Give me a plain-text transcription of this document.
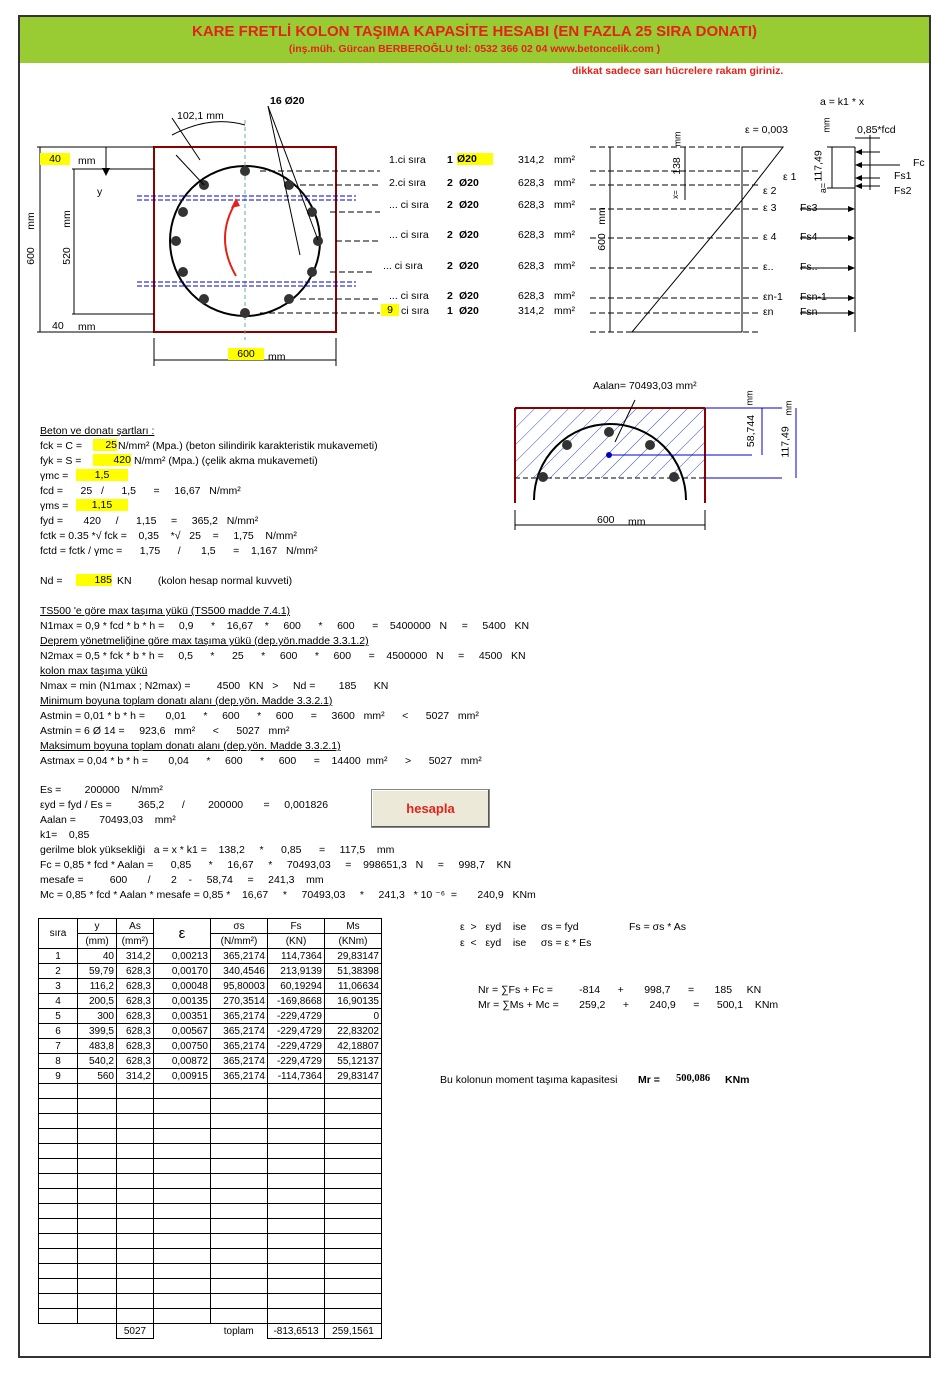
KARE FRETLİ KOLON TAŞIMA KAPASİTE HESABI (EN FAZLA 25 SIRA DONATI)
(inş.müh. Gürcan BERBEROĞLU tel: 0532 366 02 04 www.betoncelik.com )
dikkat sadece sarı hücrelere rakam giriniz.
16 Ø20
102,1 mm
40	mm
y
600
mm
520
mm
40 mm
600	mm
1.ci sıra 1 Ø20	314,2 mm²
2.ci sıra 2 Ø20	628,3 mm²
... ci sıra 2 Ø20	628,3 mm²
... ci sıra 2 Ø20	628,3 mm²
... ci sıra 2 Ø20	628,3 mm²
... ci sıra 2 Ø20	628,3 mm²
9 ci sıra 1 Ø20	314,2 mm²
ε = 0,003
138
mm
x=
600
mm
ε 1
ε 2
ε 3
ε 4
ε..
εn-1
εn
Fs3
Fs4
Fs..
Fsn-1
Fsn
a = k1 * x
0,85*fcd
117,49
mm
a=
Fc
Fs1
Fs2
Aalan= 70493,03 mm²
58,744
mm
117,49
mm
600 mm
Beton ve donatı şartları :
fck = C =	25 N/mm² (Mpa.) (beton silindirik karakteristik mukavemeti)
fyk = S =	420 N/mm² (Mpa.) (çelik akma mukavemeti)
γmc =	1,5
fcd =      25   /      1,5      =     16,67   N/mm²
γms =	1,15
fyd =       420     /      1,15     =     365,2   N/mm²
fctk = 0.35 *√ fck =    0,35    *√   25    =     1,75    N/mm²
fctd = fctk / γmc =      1,75      /       1,5      =    1,167   N/mm²
Nd =	185 KN         (kolon hesap normal kuvveti)
TS500 'e göre max taşıma yükü (TS500 madde 7.4.1)
N1max = 0,9 * fcd * b * h =     0,9      *    16,67    *     600      *     600      =    5400000   N     =     5400   KN
Deprem yönetmeliğine göre max taşıma yükü (dep.yön.madde 3.3.1.2)
N2max = 0,5 * fck * b * h =     0,5      *      25      *     600      *     600      =    4500000   N     =     4500   KN
kolon max taşıma yükü
Nmax = min (N1max ; N2max) =         4500   KN   >     Nd =        185      KN
Minimum boyuna toplam donatı alanı (dep.yön. Madde 3.3.2.1)
Astmin = 0,01 * b * h =       0,01      *     600      *     600      =     3600   mm²      <      5027   mm²
Astmin = 6 Ø 14 =     923,6   mm²      <      5027   mm²
Maksimum boyuna toplam donatı alanı (dep.yön. Madde 3.3.2.1)
Astmax = 0,04 * b * h =       0,04      *     600      *     600      =    14400  mm²      >      5027   mm²
Es =        200000    N/mm²
εyd = fyd / Es =         365,2      /        200000       =     0,001826
Aalan =        70493,03    mm²
k1=    0,85
gerilme blok yüksekliği   a = x * k1 =    138,2     *      0,85      =     117,5    mm
Fc = 0,85 * fcd * Aalan =      0,85      *     16,67     *     70493,03     =    998651,3   N     =     998,7    KN
mesafe =         600       /       2    -     58,74     =     241,3    mm
Mc = 0,85 * fcd * Aalan * mesafe = 0,85 *    16,67     *     70493,03     *     241,3   * 10 ⁻⁶  =       240,9   KNm
hesapla
sıra	y	As	ε	σs	Fs	Ms
	(mm)	(mm²)		(N/mm²)	(KN)	(KNm)
1	40	314,2	0,00213	365,2174	114,7364	29,83147
2	59,79	628,3	0,00170	340,4546	213,9139	51,38398
3	116,2	628,3	0,00048	95,80003	60,19294	11,06634
4	200,5	628,3	0,00135	270,3514	-169,8668	16,90135
5	300	628,3	0,00351	365,2174	-229,4729	0
6	399,5	628,3	0,00567	365,2174	-229,4729	22,83202
7	483,8	628,3	0,00750	365,2174	-229,4729	42,18807
8	540,2	628,3	0,00872	365,2174	-229,4729	55,12137
9	560	314,2	0,00915	365,2174	-114,7364	29,83147

		5027		toplam	-813,6513	259,1561
ε  >   εyd    ise     σs = fyd	Fs = σs * As
ε  <   εyd    ise     σs = ε * Es
Nr = ∑Fs + Fc =         -814      +       998,7      =       185     KN
Mr = ∑Ms + Mc =       259,2      +       240,9      =      500,1    KNm
Bu kolonun moment taşıma kapasitesi Mr = 500,086 KNm
